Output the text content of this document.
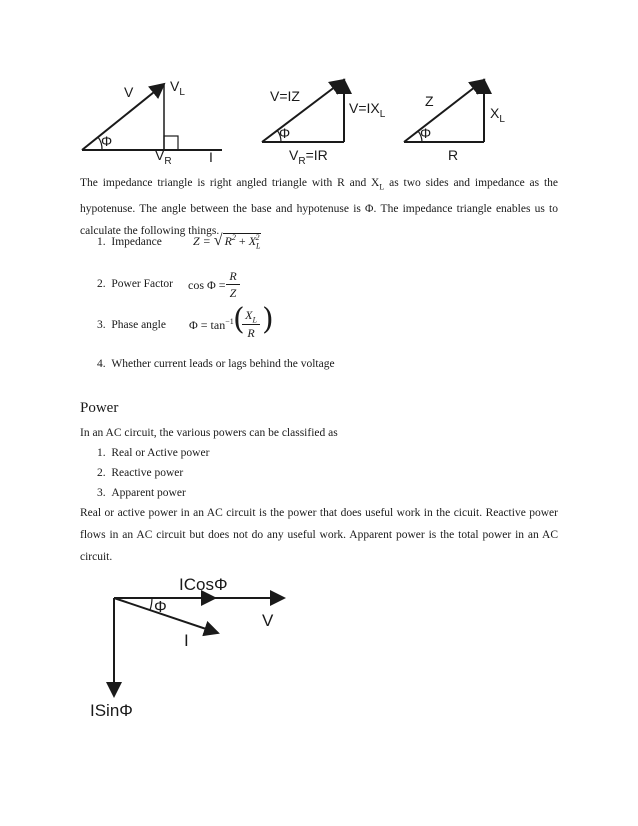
Φ
V	$V_L$
$V_R$	I
Φ
V=IZ
$V=IX_L$
$V_R=IR$
Φ
Z
$X_L$
R
The impedance triangle is right angled triangle with R and $X_L$ as two sides and impedance as the hypotenuse. The angle between the base and hypotenuse is Φ. The impedance triangle enables us to calculate the following things.
1. Impedance	Z = √ $R^2 + X_L^2$
2. Power Factor cos Φ =
R
Z
3. Phase angle $\Phi = \tan^{-1}$ ( $X_L$
R )
4. Whether current leads or lags behind the voltage
Power
In an AC circuit, the various powers can be classified as
1. Real or Active power
2. Reactive power
3. Apparent power
Real or active power in an AC circuit is the power that does useful work in the cicuit. Reactive power flows in an AC circuit but does not do any useful work. Apparent power is the total power in an AC circuit.
Φ
ICosΦ
V
I
ISinΦ
